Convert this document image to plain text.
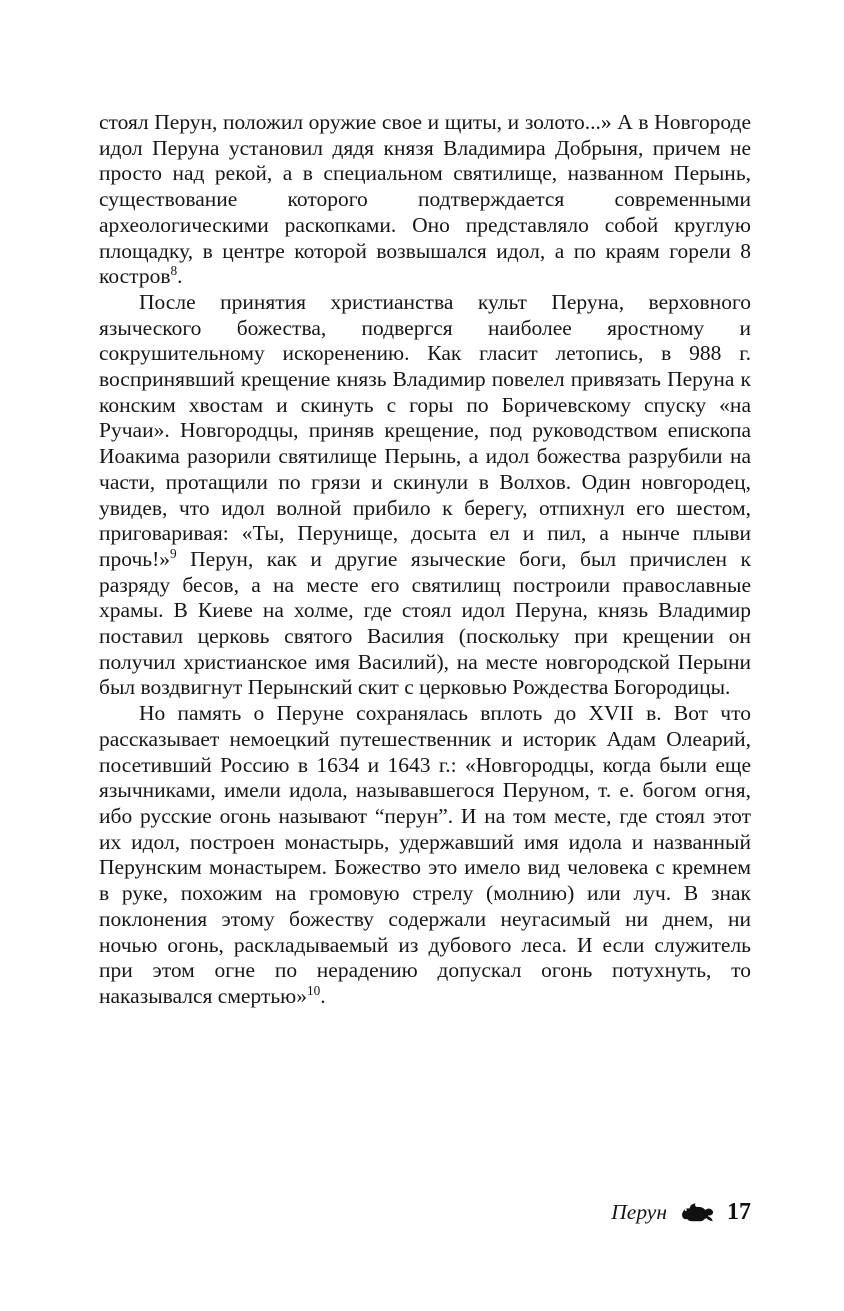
стоял Перун, положил оружие свое и щиты, и золото...» А в Новгороде идол Перуна установил дядя князя Владимира Добрыня, причем не просто над рекой, а в специальном святилище, названном Перынь, существование которого подтверждается современными археологическими раскопками. Оно представляло собой круглую площадку, в центре которой возвышался идол, а по краям горели 8 костров$^8$.

После принятия христианства культ Перуна, верховного языческого божества, подвергся наиболее яростному и сокрушительному искоренению. Как гласит летопись, в 988 г. воспринявший крещение князь Владимир повелел привязать Перуна к конским хвостам и скинуть с горы по Боричевскому спуску «на Ручаи». Новгородцы, приняв крещение, под руководством епископа Иоакима разорили святилище Перынь, а идол божества разрубили на части, протащили по грязи и скинули в Волхов. Один новгородец, увидев, что идол волной прибило к берегу, отпихнул его шестом, приговаривая: «Ты, Перунище, досыта ел и пил, а нынче плыви прочь!»$^9$ Перун, как и другие языческие боги, был причислен к разряду бесов, а на месте его святилищ построили православные храмы. В Киеве на холме, где стоял идол Перуна, князь Владимир поставил церковь святого Василия (поскольку при крещении он получил христианское имя Василий), на месте новгородской Перыни был воздвигнут Перынский скит с церковью Рождества Богородицы.

Но память о Перуне сохранялась вплоть до XVII в. Вот что рассказывает немоецкий путешественник и историк Адам Олеарий, посетивший Россию в 1634 и 1643 г.: «Новгородцы, когда были еще язычниками, имели идола, называвшегося Перуном, т. е. богом огня, ибо русские огонь называют “перун”. И на том месте, где стоял этот их идол, построен монастырь, удержавший имя идола и названный Перунским монастырем. Божество это имело вид человека с кремнем в руке, похожим на громовую стрелу (молнию) или луч. В знак поклонения этому божеству содержали неугасимый ни днем, ни ночью огонь, раскладываемый из дубового леса. И если служитель при этом огне по нерадению допускал огонь потухнуть, то наказывался смертью»$^{10}$.

Перун	17
